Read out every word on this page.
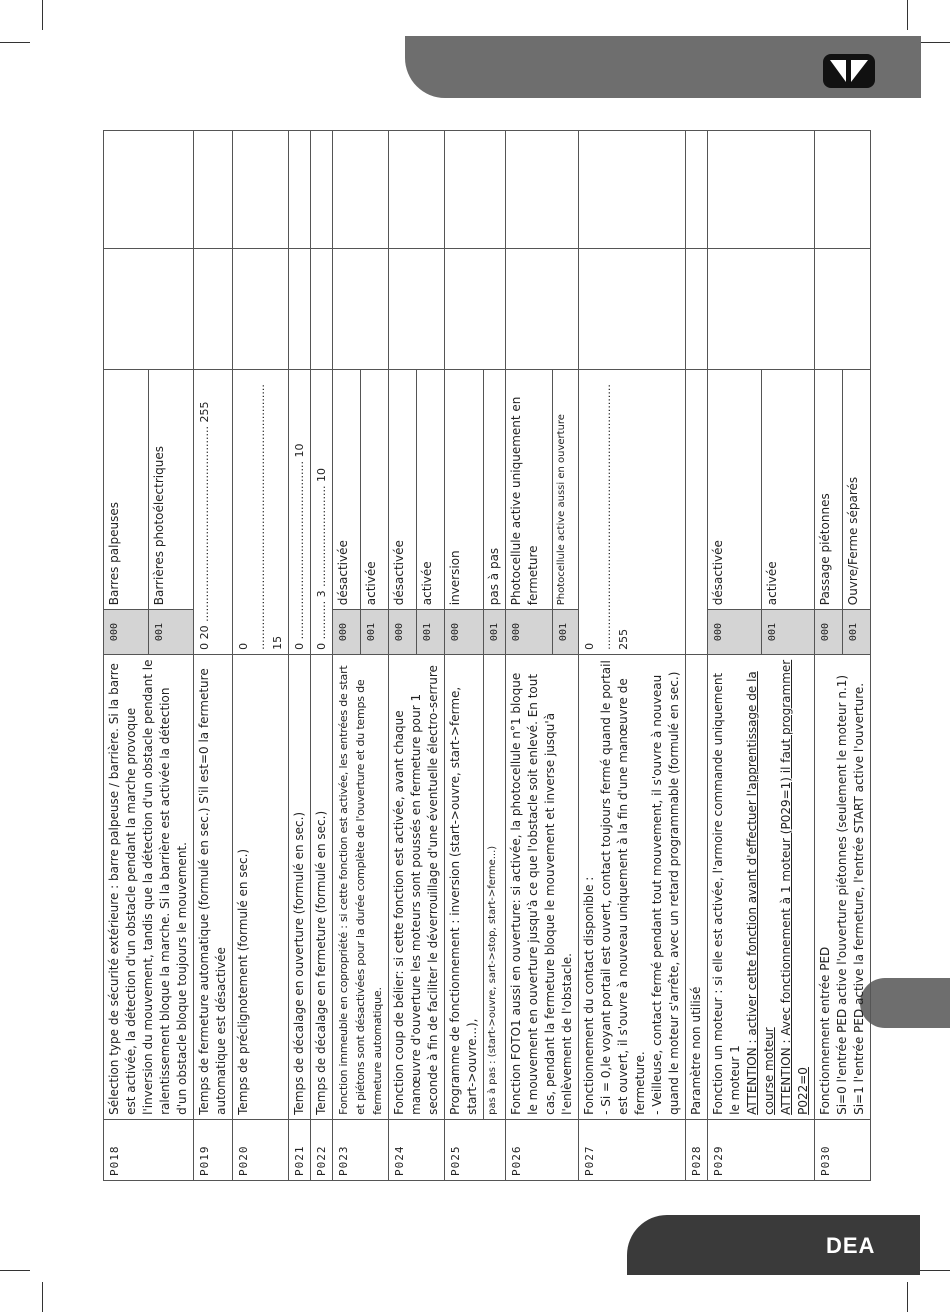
DEA
P018	Sélection type de sécurité extérieure : barre palpeuse / barrière. Si la barre est activée, la détection d'un obstacle pendant la marche provoque l'inversion du mouvement, tandis que la détection d'un obstacle pendant le ralentissement bloque la marche. Si la barrière est activée la détection d'un obstacle bloque toujours le mouvement.	000	Barres palpeuses		
		001	Barrières photoélectriques		
P019	Temps de fermeture automatique (formulé en sec.) S'il est=0 la fermeture automatique est désactivée	0 20 ........................................................ 255			
P020	Temps de préclignotement (formulé en sec.)	0 ............................................................................ 15			
P021	Temps de décalage en ouverture (formulé en sec.)	0 ................................................... 10			
P022	Temps de décalage en fermeture (formulé en sec.)	0 ........... 3 ............................. 10			
P023	Fonction immeuble en copropriété : si cette fonction est activée, les entrées de start et piétons sont désactivées pour la durée complète de l'ouverture et du temps de fermeture automatique.	000	désactivée		
		001	activée		
P024	Fonction coup de bélier: si cette fonction est activée, avant chaque manœuvre d'ouverture les moteurs sont poussés en fermeture pour 1 seconde à fin de faciliter le déverrouillage d'une éventuelle électro-serrure	000	désactivée		
		001	activée		
P025	Programme de fonctionnement : inversion (start->ouvre, start->ferme, start->ouvre...),	000	inversion		
	pas à pas : (start->ouvre, sart->stop, start->ferme...)	001	pas à pas		
P026	Fonction FOTO1 aussi en ouverture: si activée, la photocellule n°1 bloque le mouvement en ouverture jusqu'à ce que l'obstacle soit enlevé. En tout cas, pendant la fermeture bloque le mouvement et inverse jusqu'à l'enlèvement de l'obstacle.	000	Photocellule active uniquement en fermeture		
		001	Photocellule active aussi en ouverture		
P027	Fonctionnement du contact disponible : - Si = 0,le voyant portail est ouvert, contact toujours fermé quand le portail est ouvert, il s'ouvre à nouveau uniquement à la fin d'une manœuvre de fermeture. - Veilleuse, contact fermé pendant tout mouvement, il s'ouvre à nouveau quand le moteur s'arrête, avec un retard programmable (formulé en sec.)	0 ............................................................................ 255			
P028	Paramètre non utilisé				
P029	Fonction un moteur : si elle est activée, l'armoire commande uniquement le moteur 1 ATTENTION : activer cette fonction avant d'effectuer l'apprentissage de la course moteur ATTENTION : Avec fonctionnement à 1 moteur (P029=1) il faut programmer P022=0	000	désactivée		
		001	activée		
P030	Fonctionnement entrée PED Si=0 l'entrée PED active l'ouverture piétonnes (seulement le moteur n.1) Si=1 l'entrée PED active la fermeture, l'entrée START active l'ouverture.	000	Passage piétonnes		
		001	Ouvre/Ferme séparés		
